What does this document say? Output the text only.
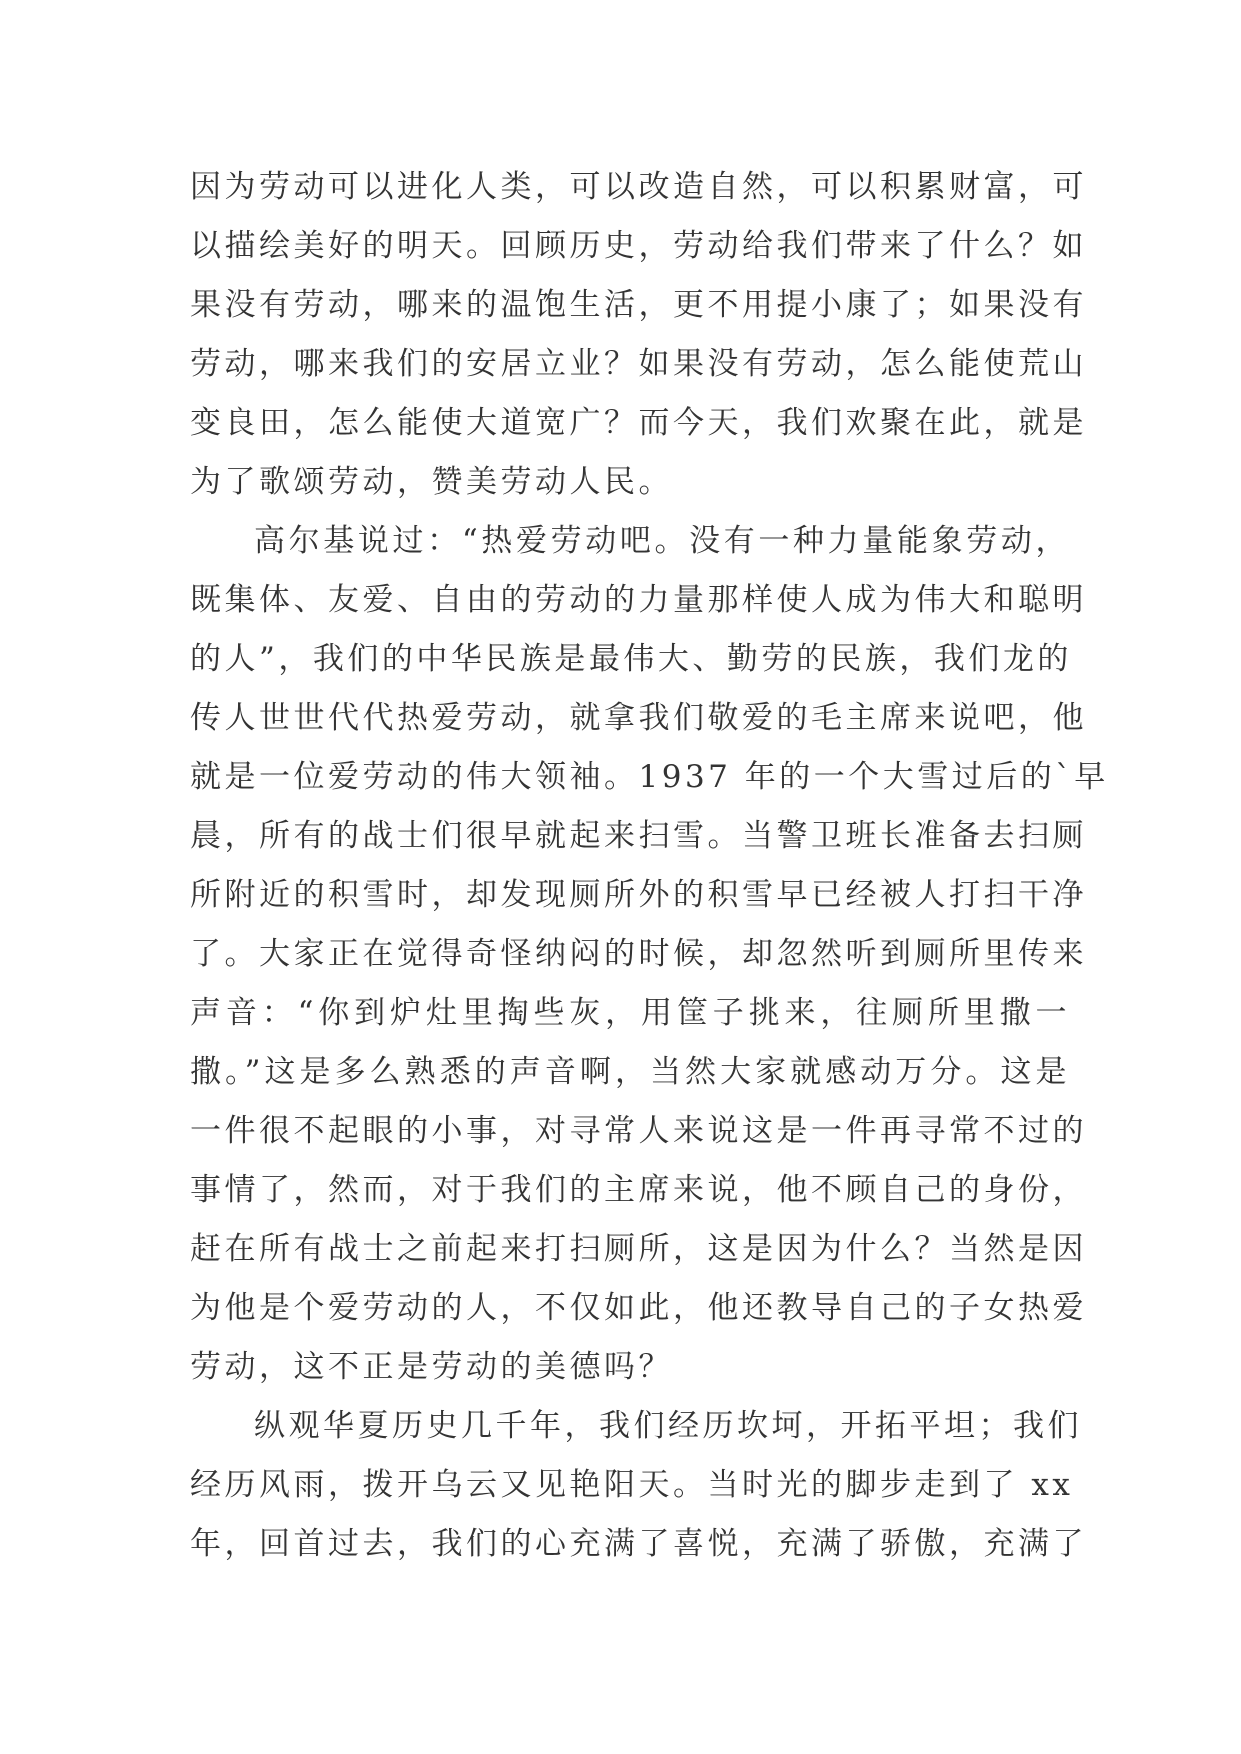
因为劳动可以进化人类，可以改造自然，可以积累财富，可
以描绘美好的明天。回顾历史，劳动给我们带来了什么？如
果没有劳动，哪来的温饱生活，更不用提小康了；如果没有
劳动，哪来我们的安居立业？如果没有劳动，怎么能使荒山
变良田，怎么能使大道宽广？而今天，我们欢聚在此，就是
为了歌颂劳动，赞美劳动人民。
高尔基说过：“热爱劳动吧。没有一种力量能象劳动，
既集体、友爱、自由的劳动的力量那样使人成为伟大和聪明
的人”，我们的中华民族是最伟大、勤劳的民族，我们龙的
传人世世代代热爱劳动，就拿我们敬爱的毛主席来说吧，他
就是一位爱劳动的伟大领袖。1937 年的一个大雪过后的`早
晨，所有的战士们很早就起来扫雪。当警卫班长准备去扫厕
所附近的积雪时，却发现厕所外的积雪早已经被人打扫干净
了。大家正在觉得奇怪纳闷的时候，却忽然听到厕所里传来
声音：“你到炉灶里掏些灰，用筐子挑来，往厕所里撒一
撒。”这是多么熟悉的声音啊，当然大家就感动万分。这是
一件很不起眼的小事，对寻常人来说这是一件再寻常不过的
事情了，然而，对于我们的主席来说，他不顾自己的身份，
赶在所有战士之前起来打扫厕所，这是因为什么？当然是因
为他是个爱劳动的人，不仅如此，他还教导自己的子女热爱
劳动，这不正是劳动的美德吗？
纵观华夏历史几千年，我们经历坎坷，开拓平坦；我们
经历风雨，拨开乌云又见艳阳天。当时光的脚步走到了 xx
年，回首过去，我们的心充满了喜悦，充满了骄傲，充满了
